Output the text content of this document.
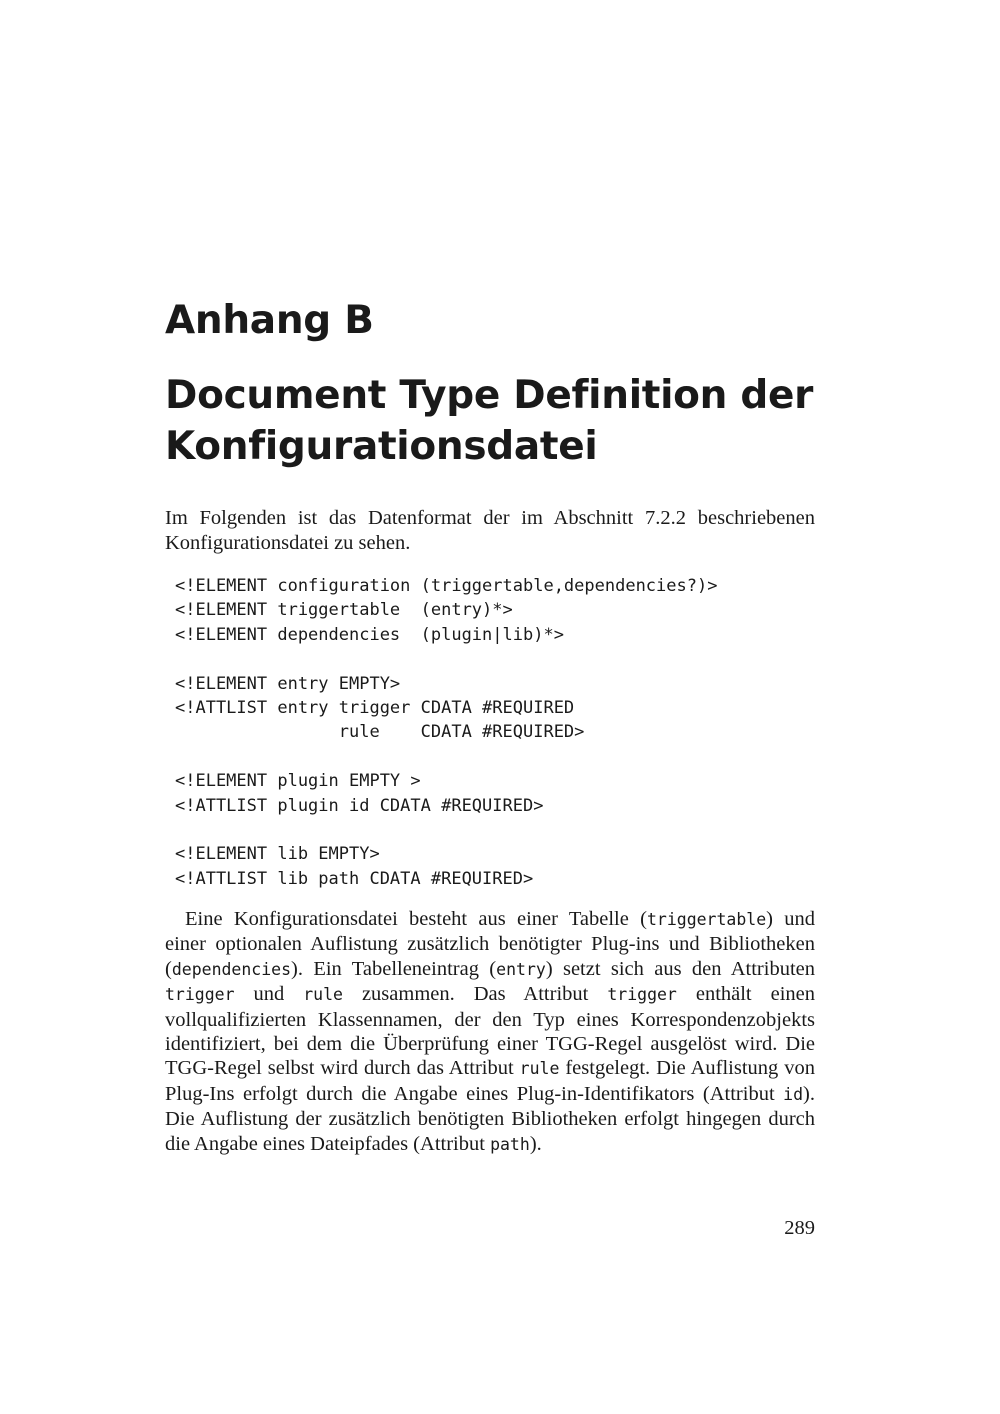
Anhang B
Document Type Definition der
Konfigurationsdatei

Im Folgenden ist das Datenformat der im Abschnitt 7.2.2 beschriebenen Konfigurationsdatei zu sehen.

<!ELEMENT configuration (triggertable,dependencies?)>
<!ELEMENT triggertable  (entry)*>
<!ELEMENT dependencies  (plugin|lib)*>

<!ELEMENT entry EMPTY>
<!ATTLIST entry trigger CDATA #REQUIRED
rule    CDATA #REQUIRED>

<!ELEMENT plugin EMPTY >
<!ATTLIST plugin id CDATA #REQUIRED>

<!ELEMENT lib EMPTY>
<!ATTLIST lib path CDATA #REQUIRED>

Eine Konfigurationsdatei besteht aus einer Tabelle (triggertable) und einer optionalen Auflistung zusätzlich benötigter Plug-ins und Bibliotheken (dependencies). Ein Tabelleneintrag (entry) setzt sich aus den Attributen trigger und rule zusammen. Das Attribut trigger enthält einen vollqualifizierten Klassennamen, der den Typ eines Korrespondenzobjekts identifiziert, bei dem die Überprüfung einer TGG-Regel ausgelöst wird. Die TGG-Regel selbst wird durch das Attribut rule festgelegt. Die Auflistung von Plug-Ins erfolgt durch die Angabe eines Plug-in-Identifikators (Attribut id). Die Auflistung der zusätzlich benötigten Bibliotheken erfolgt hingegen durch die Angabe eines Dateipfades (Attribut path).

289
